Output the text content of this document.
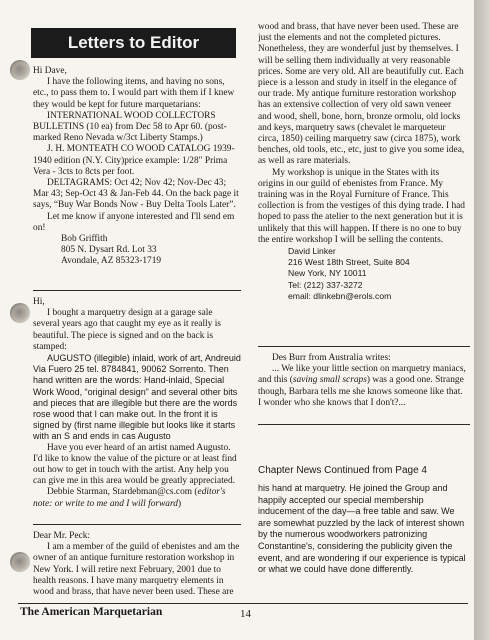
Letters to Editor

Hi Dave,

I have the following items, and having no sons, etc., to pass them to. I would part with them if I knew they would be kept for future marquetarians:

INTERNATIONAL WOOD COLLECTORS BULLETINS (10 ea) from Dec 58 to Apr 60. (post-marked Reno Nevada w/3ct Liberty Stamps.)

J. H. MONTEATH CO WOOD CATALOG 1939-1940 edition (N.Y. City)price example: 1/28" Prima Vera - 3cts to 8cts per foot.

DELTAGRAMS: Oct 42; Nov 42; Nov-Dec 43; Mar 43; Sep-Oct 43 & Jan-Feb 44. On the back page it says, “Buy War Bonds Now - Buy Deltа Tools Later”.

Let me know if anyone interested and I'll send em on!

Bob Griffith

805 N. Dysart Rd. Lot 33

Avondale, AZ 85323-1719

Hi,

I bought a marquetry design at a garage sale several years ago that caught my eye as it really is beautiful. The piece is signed and on the back is stamped:

AUGUSTO (illegible) inlaid, work of art, Andreuid Via Fuero 25 tel. 8784841, 90062 Sorrento. Then hand written are the words: Hand-inlaid, Special Work Wood, “original design” and several other bits and pieces that are illegible but there are the words rose wood that I can make out. In the front it is signed by (first name illegible but looks like it starts with an S and ends in cas Augusto

Have you ever heard of an artist named Augusto. I'd like to know the value of the picture or at least find out how to get in touch with the artist. Any help you can give me in this area would be greatly appreciated.

Debbie Starman, Stardebman@cs.com (editor's note: or write to me and I will forward)

Dear Mr. Peck:

I am a member of the guild of ebenistes and am the owner of an antique furniture restoration workshop in New York. I will retire next February, 2001 due to health reasons. I have many marquetry elements in wood and brass, that have never been used. These are

wood and brass, that have never been used. These are just the elements and not the completed pictures. Nonetheless, they are wonderful just by themselves. I will be selling them individually at very reasonable prices. Some are very old. All are beautifully cut. Each piece is a lesson and study in itself in the elegance of our trade. My antique furniture restoration workshop has an extensive collection of very old sawn veneer and wood, shell, bone, horn, bronze ormolu, old locks and keys, marquetry saws (chevalet le marqueteur circa, 1850) ceiling marquetry saw (circa 1875), work benches, old tools, etc., etc, just to give you some idea, as well as rare materials.

My workshop is unique in the States with its origins in our guild of ebenistes from France. My training was in the Royal Furniture of France. This collection is from the vestiges of this dying trade. I had hoped to pass the atelier to the next generation but it is unlikely that this will happen. If there is no one to buy the entire workshop I will be selling the contents.

David Linker

216 West 18th Street, Suite 804

New York, NY 10011

Tel: (212) 337-3272

email: dlinkebn@erols.com

Des Burr from Australia writes:

... We like your little section on marquetry maniacs, and this (saving small scraps) was a good one. Strange though, Barbara tells me she knows someone like that. I wonder who she knows that I don't?...

Chapter News Continued from Page 4

his hand at marquetry. He joined the Group and happily accepted our special membership inducement of the day—a free table and saw. We are somewhat puzzled by the lack of interest shown by the numerous woodworkers patronizing Constantine's, considering the publicity given the event, and are wondering if our experience is typical or what we could have done differently.

The American Marquetarian	14
